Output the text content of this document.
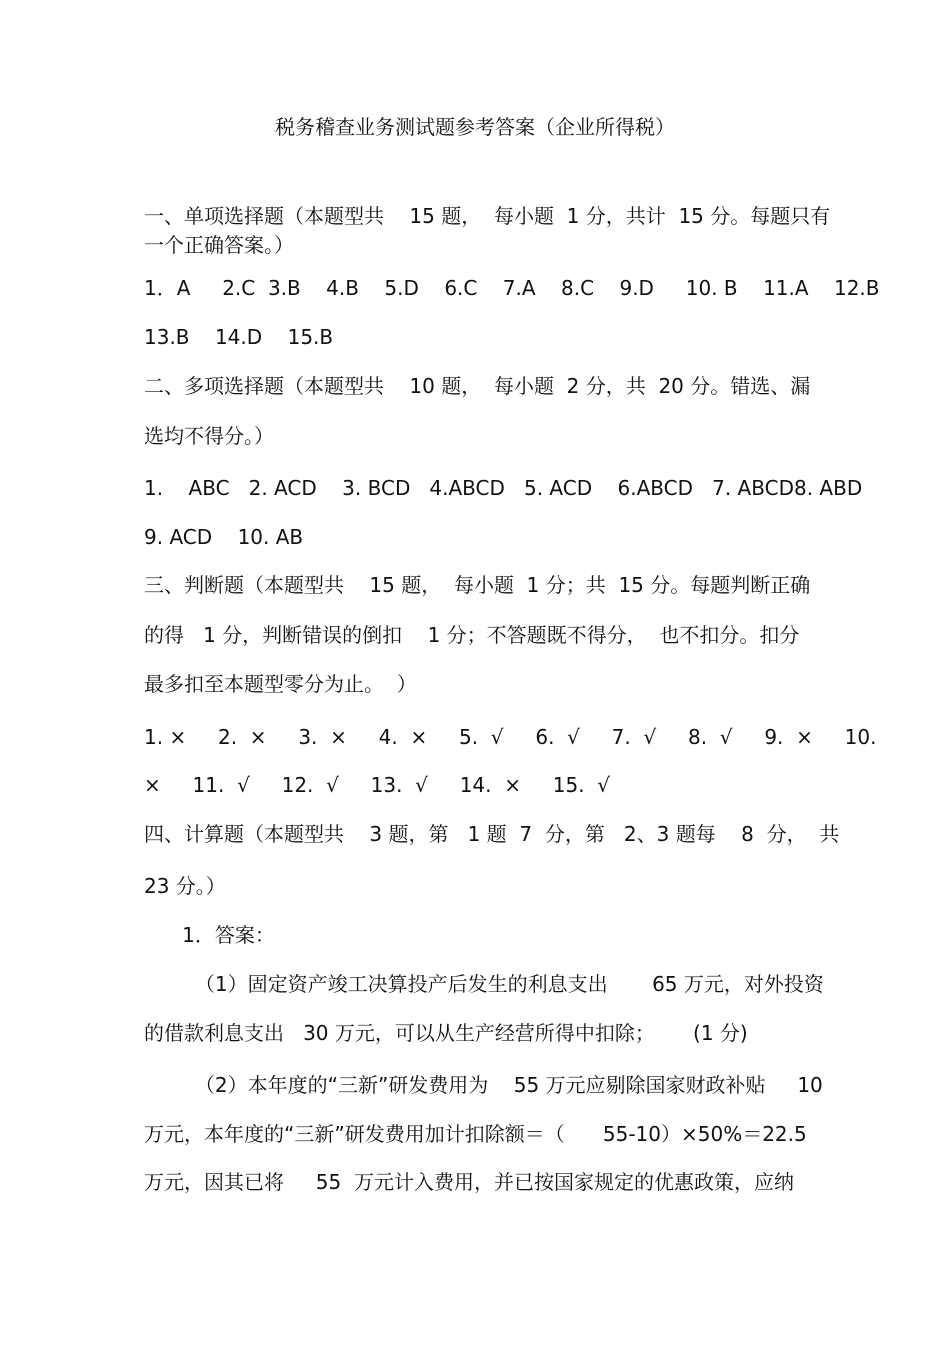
税务稽查业务测试题参考答案（企业所得税）
一、单项选择题（本题型共    15 题，  每小题  1 分，共计  15 分。每题只有
一个正确答案。）
1．A     2.C  3.B    4.B    5.D    6.C    7.A    8.C    9.D     10. B    11.A    12.B
13.B    14.D    15.B
二、多项选择题（本题型共    10 题，  每小题  2 分，共  20 分。错选、漏
选均不得分。）
1.    ABC   2. ACD    3. BCD   4.ABCD   5. ACD    6.ABCD   7. ABCD8. ABD
9. ACD    10. AB
三、判断题（本题型共    15 题，  每小题  1 分；共  15 分。每题判断正确
的得   1 分，判断错误的倒扣    1 分；不答题既不得分，  也不扣分。扣分
最多扣至本题型零分为止。  ）
1. ×     2.  ×     3.  ×     4.  ×     5.  √     6.  √     7.  √     8.  √     9.  ×     10.
×     11.  √     12.  √     13.  √     14.  ×     15.  √
四、计算题（本题型共    3 题，第   1 题  7  分，第   2、3 题每    8  分，  共
23 分。）
1．答案：
（1）固定资产竣工决算投产后发生的利息支出       65 万元，对外投资
的借款利息支出   30 万元，可以从生产经营所得中扣除；      (1 分)
（2）本年度的“三新”研发费用为    55 万元应剔除国家财政补贴     10
万元，本年度的“三新”研发费用加计扣除额＝（      55-10）×50%＝22.5
万元，因其已将     55  万元计入费用，并已按国家规定的优惠政策，应纳
